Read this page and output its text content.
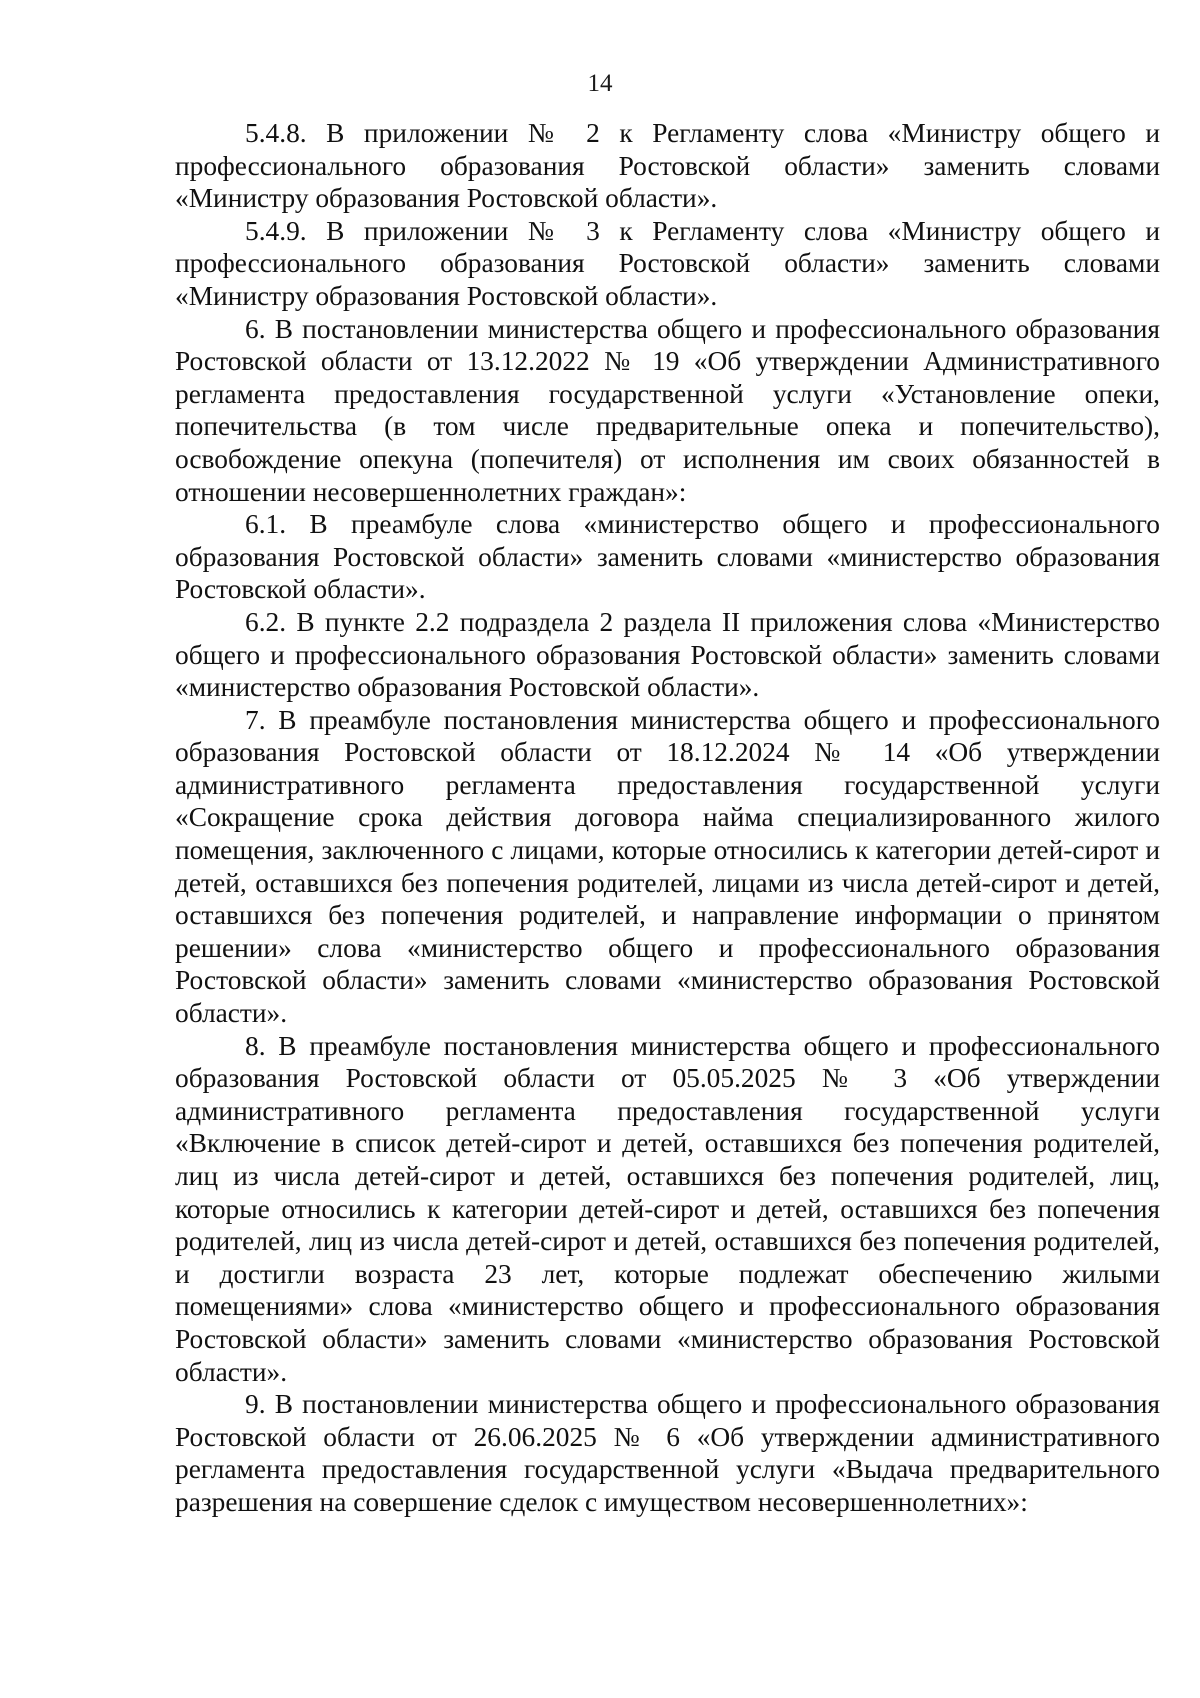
14

5.4.8. В приложении № 2 к Регламенту слова «Министру общего и профессионального образования Ростовской области» заменить словами «Министру образования Ростовской области».

5.4.9. В приложении № 3 к Регламенту слова «Министру общего и профессионального образования Ростовской области» заменить словами «Министру образования Ростовской области».

6. В постановлении министерства общего и профессионального образования Ростовской области от 13.12.2022 № 19 «Об утверждении Административного регламента предоставления государственной услуги «Установление опеки, попечительства (в том числе предварительные опека и попечительство), освобождение опекуна (попечителя) от исполнения им своих обязанностей в отношении несовершеннолетних граждан»:

6.1. В преамбуле слова «министерство общего и профессионального образования Ростовской области» заменить словами «министерство образования Ростовской области».

6.2. В пункте 2.2 подраздела 2 раздела II приложения слова «Министерство общего и профессионального образования Ростовской области» заменить словами «министерство образования Ростовской области».

7. В преамбуле постановления министерства общего и профессионального образования Ростовской области от 18.12.2024 № 14 «Об утверждении административного регламента предоставления государственной услуги «Сокращение срока действия договора найма специализированного жилого помещения, заключенного с лицами, которые относились к категории детей-сирот и детей, оставшихся без попечения родителей, лицами из числа детей-сирот и детей, оставшихся без попечения родителей, и направление информации о принятом решении» слова «министерство общего и профессионального образования Ростовской области» заменить словами «министерство образования Ростовской области».

8. В преамбуле постановления министерства общего и профессионального образования Ростовской области от 05.05.2025 № 3 «Об утверждении административного регламента предоставления государственной услуги «Включение в список детей-сирот и детей, оставшихся без попечения родителей, лиц из числа детей-сирот и детей, оставшихся без попечения родителей, лиц, которые относились к категории детей-сирот и детей, оставшихся без попечения родителей, лиц из числа детей-сирот и детей, оставшихся без попечения родителей, и достигли возраста 23 лет, которые подлежат обеспечению жилыми помещениями» слова «министерство общего и профессионального образования Ростовской области» заменить словами «министерство образования Ростовской области».

9. В постановлении министерства общего и профессионального образования Ростовской области от 26.06.2025 № 6 «Об утверждении административного регламента предоставления государственной услуги «Выдача предварительного разрешения на совершение сделок с имуществом несовершеннолетних»:
